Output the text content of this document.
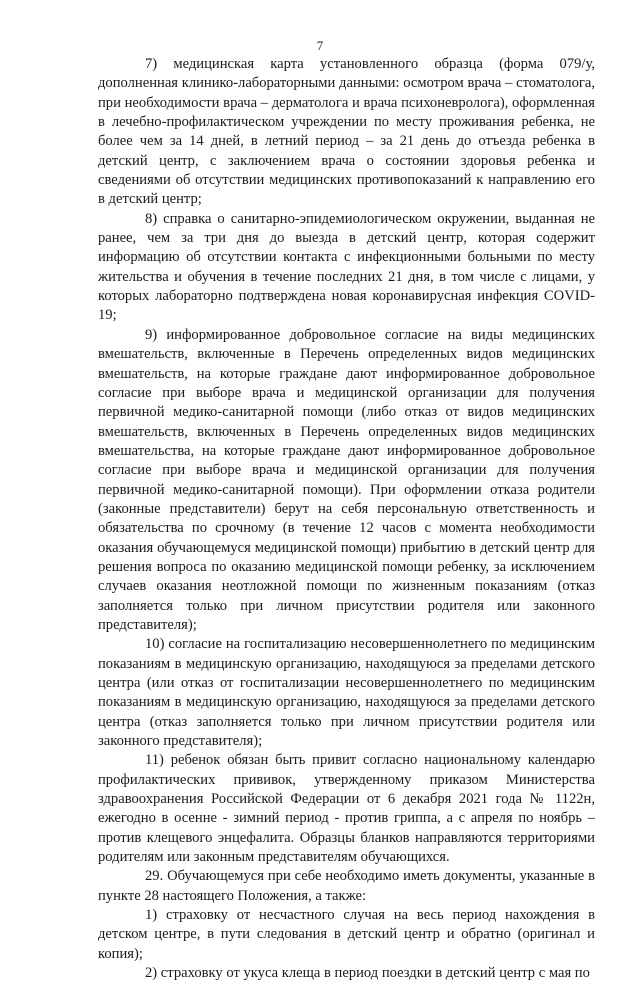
7

7) медицинская карта установленного образца (форма 079/у, дополненная клинико-лабораторными данными: осмотром врача – стоматолога, при необходимости врача – дерматолога и врача психоневролога), оформленная в лечебно-профилактическом учреждении по месту проживания ребенка, не более чем за 14 дней, в летний период – за 21 день до отъезда ребенка в детский центр, с заключением врача о состоянии здоровья ребенка и сведениями об отсутствии медицинских противопоказаний к направлению его в детский центр;

8) справка о санитарно-эпидемиологическом окружении, выданная не ранее, чем за три дня до выезда в детский центр, которая содержит информацию об отсутствии контакта с инфекционными больными по месту жительства и обучения в течение последних 21 дня, в том числе с лицами, у которых лабораторно подтверждена новая коронавирусная инфекция COVID-19;

9) информированное добровольное согласие на виды медицинских вмешательств, включенные в Перечень определенных видов медицинских вмешательств, на которые граждане дают информированное добровольное согласие при выборе врача и медицинской организации для получения первичной медико-санитарной помощи (либо отказ от видов медицинских вмешательств, включенных в Перечень определенных видов медицинских вмешательства, на которые граждане дают информированное добровольное согласие при выборе врача и медицинской организации для получения первичной медико-санитарной помощи). При оформлении отказа родители (законные представители) берут на себя персональную ответственность и обязательства по срочному (в течение 12 часов с момента необходимости оказания обучающемуся медицинской помощи) прибытию в детский центр для решения вопроса по оказанию медицинской помощи ребенку, за исключением случаев оказания неотложной помощи по жизненным показаниям (отказ заполняется только при личном присутствии родителя или законного представителя);

10) согласие на госпитализацию несовершеннолетнего по медицинским показаниям в медицинскую организацию, находящуюся за пределами детского центра (или отказ от госпитализации несовершеннолетнего по медицинским показаниям в медицинскую организацию, находящуюся за пределами детского центра (отказ заполняется только при личном присутствии родителя или законного представителя);

11) ребенок обязан быть привит согласно национальному календарю профилактических прививок, утвержденному приказом Министерства здравоохранения Российской Федерации от 6 декабря 2021 года № 1122н, ежегодно в осенне - зимний период - против гриппа, а с апреля по ноябрь – против клещевого энцефалита. Образцы бланков направляются территориями родителям или законным представителям обучающихся.

29. Обучающемуся при себе необходимо иметь документы, указанные в пункте 28 настоящего Положения, а также:

1) страховку от несчастного случая на весь период нахождения в детском центре, в пути следования в детский центр и обратно (оригинал и копия);

2) страховку от укуса клеща в период поездки в детский центр с мая по
